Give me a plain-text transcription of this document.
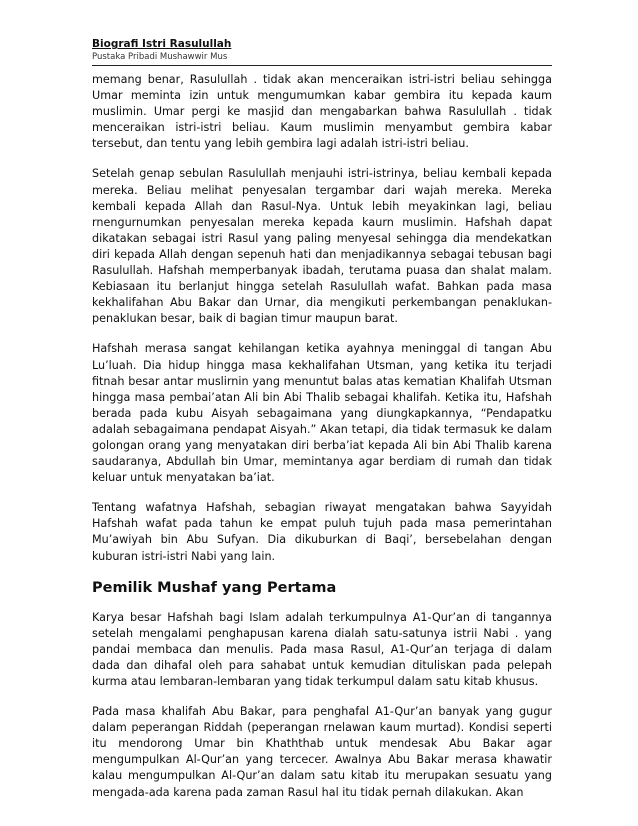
Biografi Istri Rasulullah
Pustaka Pribadi Mushawwir Mus

memang benar, Rasulullah . tidak akan menceraikan istri-istri beliau sehingga Umar meminta izin untuk mengumumkan kabar gembira itu kepada kaum muslimin. Umar pergi ke masjid dan mengabarkan bahwa Rasulullah . tidak menceraikan istri-istri beliau. Kaum muslimin menyambut gembira kabar tersebut, dan tentu yang lebih gembira lagi adalah istri-istri beliau.

Setelah genap sebulan Rasulullah menjauhi istri-istrinya, beliau kembali kepada mereka. Beliau melihat penyesalan tergambar dari wajah mereka. Mereka kembali kepada Allah dan Rasul-Nya. Untuk lebih meyakinkan lagi, beliau rnengurnumkan penyesalan mereka kepada kaurn muslimin. Hafshah dapat dikatakan sebagai istri Rasul yang paling menyesal sehingga dia mendekatkan diri kepada Allah dengan sepenuh hati dan menjadikannya sebagai tebusan bagi Rasulullah. Hafshah memperbanyak ibadah, terutama puasa dan shalat malam. Kebiasaan itu berlanjut hingga setelah Rasulullah wafat. Bahkan pada masa kekhalifahan Abu Bakar dan Urnar, dia mengikuti perkembangan penaklukan-penaklukan besar, baik di bagian timur maupun barat.

Hafshah merasa sangat kehilangan ketika ayahnya meninggal di tangan Abu Lu’luah. Dia hidup hingga masa kekhalifahan Utsman, yang ketika itu terjadi fitnah besar antar muslirnin yang menuntut balas atas kematian Khalifah Utsman hingga masa pembai’atan Ali bin Abi Thalib sebagai khalifah. Ketika itu, Hafshah berada pada kubu Aisyah sebagaimana yang diungkapkannya, “Pendapatku adalah sebagaimana pendapat Aisyah.” Akan tetapi, dia tidak termasuk ke dalam golongan orang yang menyatakan diri berba’iat kepada Ali bin Abi Thalib karena saudaranya, Abdullah bin Umar, memintanya agar berdiam di rumah dan tidak keluar untuk menyatakan ba’iat.

Tentang wafatnya Hafshah, sebagian riwayat mengatakan bahwa Sayyidah Hafshah wafat pada tahun ke empat puluh tujuh pada masa pemerintahan Mu’awiyah bin Abu Sufyan. Dia dikuburkan di Baqi’, bersebelahan dengan kuburan istri-istri Nabi yang lain.

Pemilik Mushaf yang Pertama

Karya besar Hafshah bagi Islam adalah terkumpulnya A1-Qur’an di tangannya setelah mengalami penghapusan karena dialah satu-satunya istrii Nabi . yang pandai membaca dan menulis. Pada masa Rasul, A1-Qur’an terjaga di dalam dada dan dihafal oleh para sahabat untuk kemudian dituliskan pada pelepah kurma atau lembaran-lembaran yang tidak terkumpul dalam satu kitab khusus.

Pada masa khalifah Abu Bakar, para penghafal A1-Qur’an banyak yang gugur dalam peperangan Riddah (peperangan rnelawan kaum murtad). Kondisi seperti itu mendorong Umar bin Khaththab untuk mendesak Abu Bakar agar mengumpulkan Al-Qur’an yang tercecer. Awalnya Abu Bakar merasa khawatir kalau mengumpulkan Al-Qur’an dalam satu kitab itu merupakan sesuatu yang mengada-ada karena pada zaman Rasul hal itu tidak pernah dilakukan. Akan
